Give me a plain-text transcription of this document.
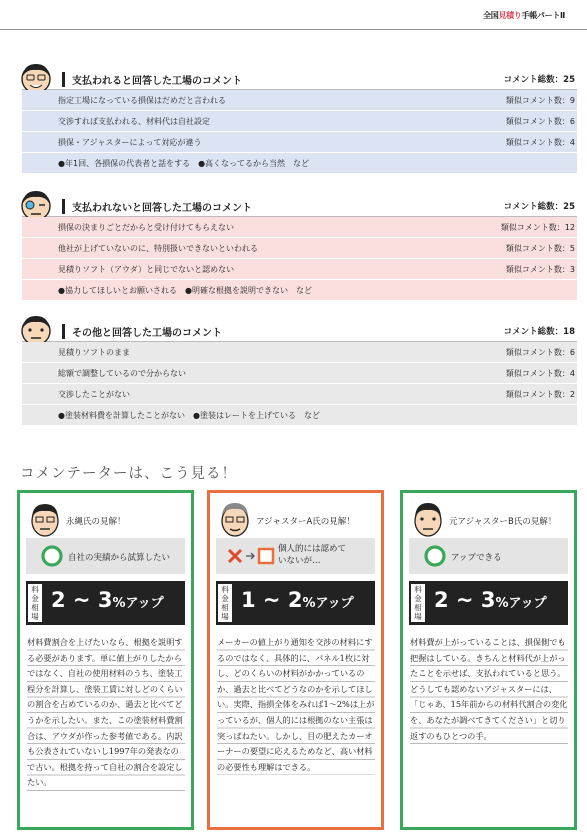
全国見積り手帳パートⅡ
支払われると回答した工場のコメント	コメント総数：25
指定工場になっている損保はだめだと言われる	類似コメント数：9
交渉すれば支払われる、材料代は自社設定	類似コメント数：6
損保・アジャスターによって対応が違う	類似コメント数：4
●年1回、各損保の代表者と話をする　●高くなってるから当然　など
支払われないと回答した工場のコメント	コメント総数：25
損保の決まりごとだからと受け付けてもらえない	類似コメント数：12
他社が上げていないのに、特別扱いできないといわれる	類似コメント数：5
見積りソフト（アウダ）と同じでないと認めない	類似コメント数：3
●協力してほしいとお願いされる　●明確な根拠を説明できない　など
その他と回答した工場のコメント	コメント総数：18
見積りソフトのまま	類似コメント数：6
総額で調整しているので分からない	類似コメント数：4
交渉したことがない	類似コメント数：2
●塗装材料費を計算したことがない　●塗装はレートを上げている　など
コメンテーターは、こう見る！
永縄氏の見解！
自社の実績から試算したい
料金相場
2 ~ 3%アップ
材料費割合を上げたいなら、根拠を説明する必要があります。単に値上がりしたからではなく、自社の使用材料のうち、塗装工程分を計算し、塗装工賃に対しどのくらいの割合を占めているのか、過去と比べてどうかを示したい。また、この塗装材料費割合は、アウダが作った参考値である。内訳も公表されていないし1997年の発表なので古い。根拠を持って自社の割合を設定したい。
アジャスターA氏の見解！
個人的には認めて
いないが…
料金相場
1 ~ 2%アップ
メーカーの値上がり通知を交渉の材料にするのではなく、具体的に、パネル1枚に対し、どのくらいの材料がかかっているのか、過去と比べてどうなのかを示してほしい。実際、指損全体をみれば1〜2%は上がっているが、個人的には根拠のない主張は突っぱねたい。しかし、目の肥えたカーオーナーの要望に応えるためなど、高い材料の必要性も理解はできる。
元アジャスターB氏の見解！
アップできる
料金相場
2 ~ 3%アップ
材料費が上がっていることは、損保側でも把握はしている。きちんと材料代が上がったことを示せば、支払われていると思う。どうしても認めないアジャスターには、「じゃあ、15年前からの材料代割合の変化を、あなたが調べてきてください」と切り返すのもひとつの手。
